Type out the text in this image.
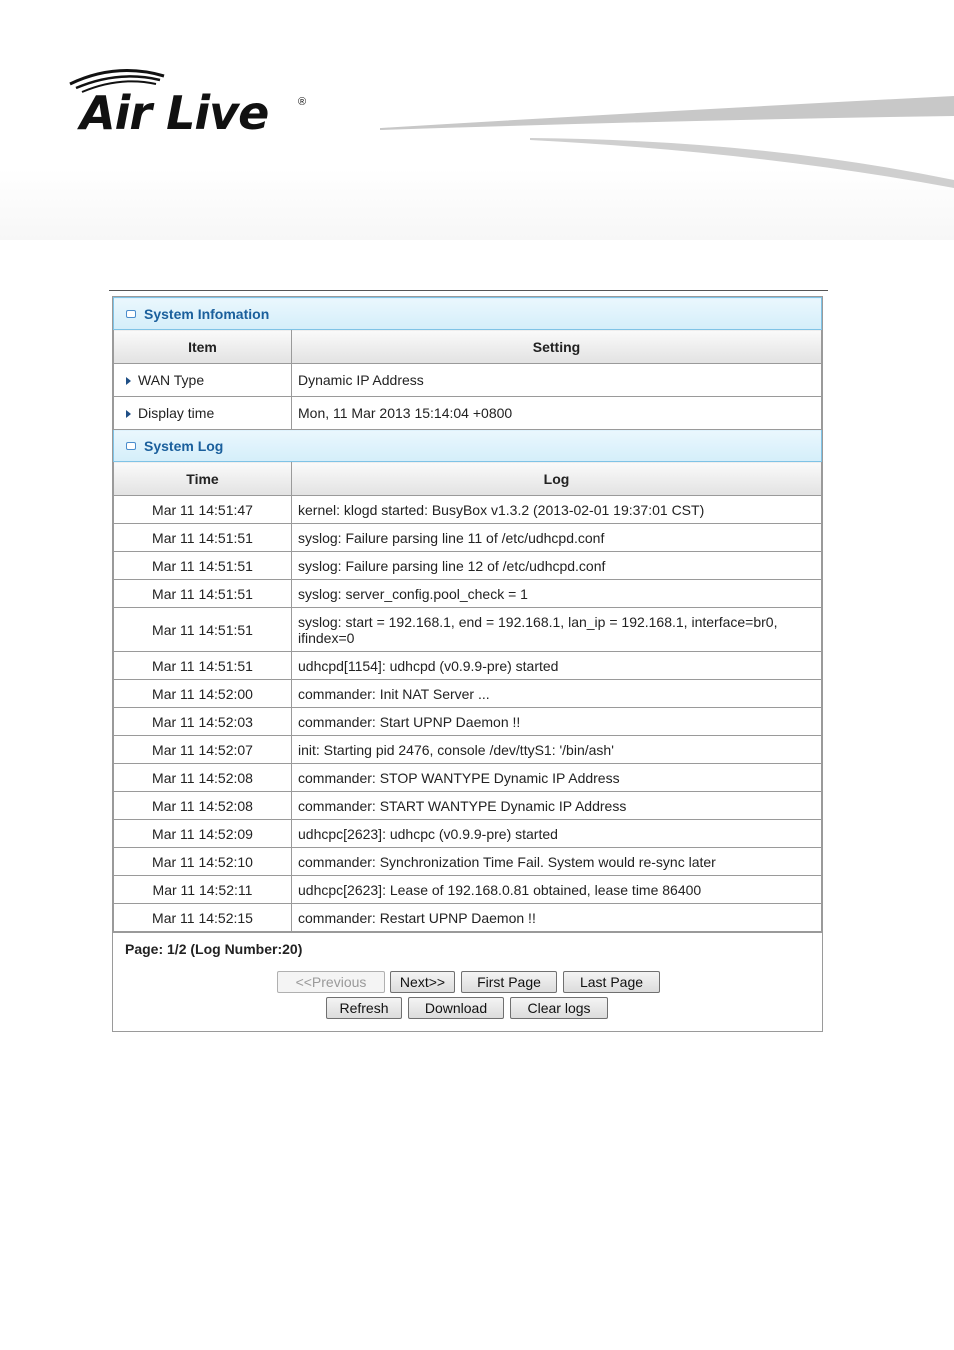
Air Live	®
System Infomation	
Item	Setting
WAN Type	Dynamic IP Address
Display time	Mon, 11 Mar 2013 15:14:04 +0800
System Log	
Time	Log
Mar 11 14:51:47	kernel: klogd started: BusyBox v1.3.2 (2013-02-01 19:37:01 CST)
Mar 11 14:51:51	syslog: Failure parsing line 11 of /etc/udhcpd.conf
Mar 11 14:51:51	syslog: Failure parsing line 12 of /etc/udhcpd.conf
Mar 11 14:51:51	syslog: server_config.pool_check = 1
Mar 11 14:51:51	syslog: start = 192.168.1, end = 192.168.1, lan_ip = 192.168.1, interface=br0, ifindex=0
Mar 11 14:51:51	udhcpd[1154]: udhcpd (v0.9.9-pre) started
Mar 11 14:52:00	commander: Init NAT Server ...
Mar 11 14:52:03	commander: Start UPNP Daemon !!
Mar 11 14:52:07	init: Starting pid 2476, console /dev/ttyS1: '/bin/ash'
Mar 11 14:52:08	commander: STOP WANTYPE Dynamic IP Address
Mar 11 14:52:08	commander: START WANTYPE Dynamic IP Address
Mar 11 14:52:09	udhcpc[2623]: udhcpc (v0.9.9-pre) started
Mar 11 14:52:10	commander: Synchronization Time Fail. System would re-sync later
Mar 11 14:52:11	udhcpc[2623]: Lease of 192.168.0.81 obtained, lease time 86400
Mar 11 14:52:15	commander: Restart UPNP Daemon !!
Page: 1/2 (Log Number:20)
<<Previous	Next>>	First Page	Last Page
Refresh	Download	Clear logs
